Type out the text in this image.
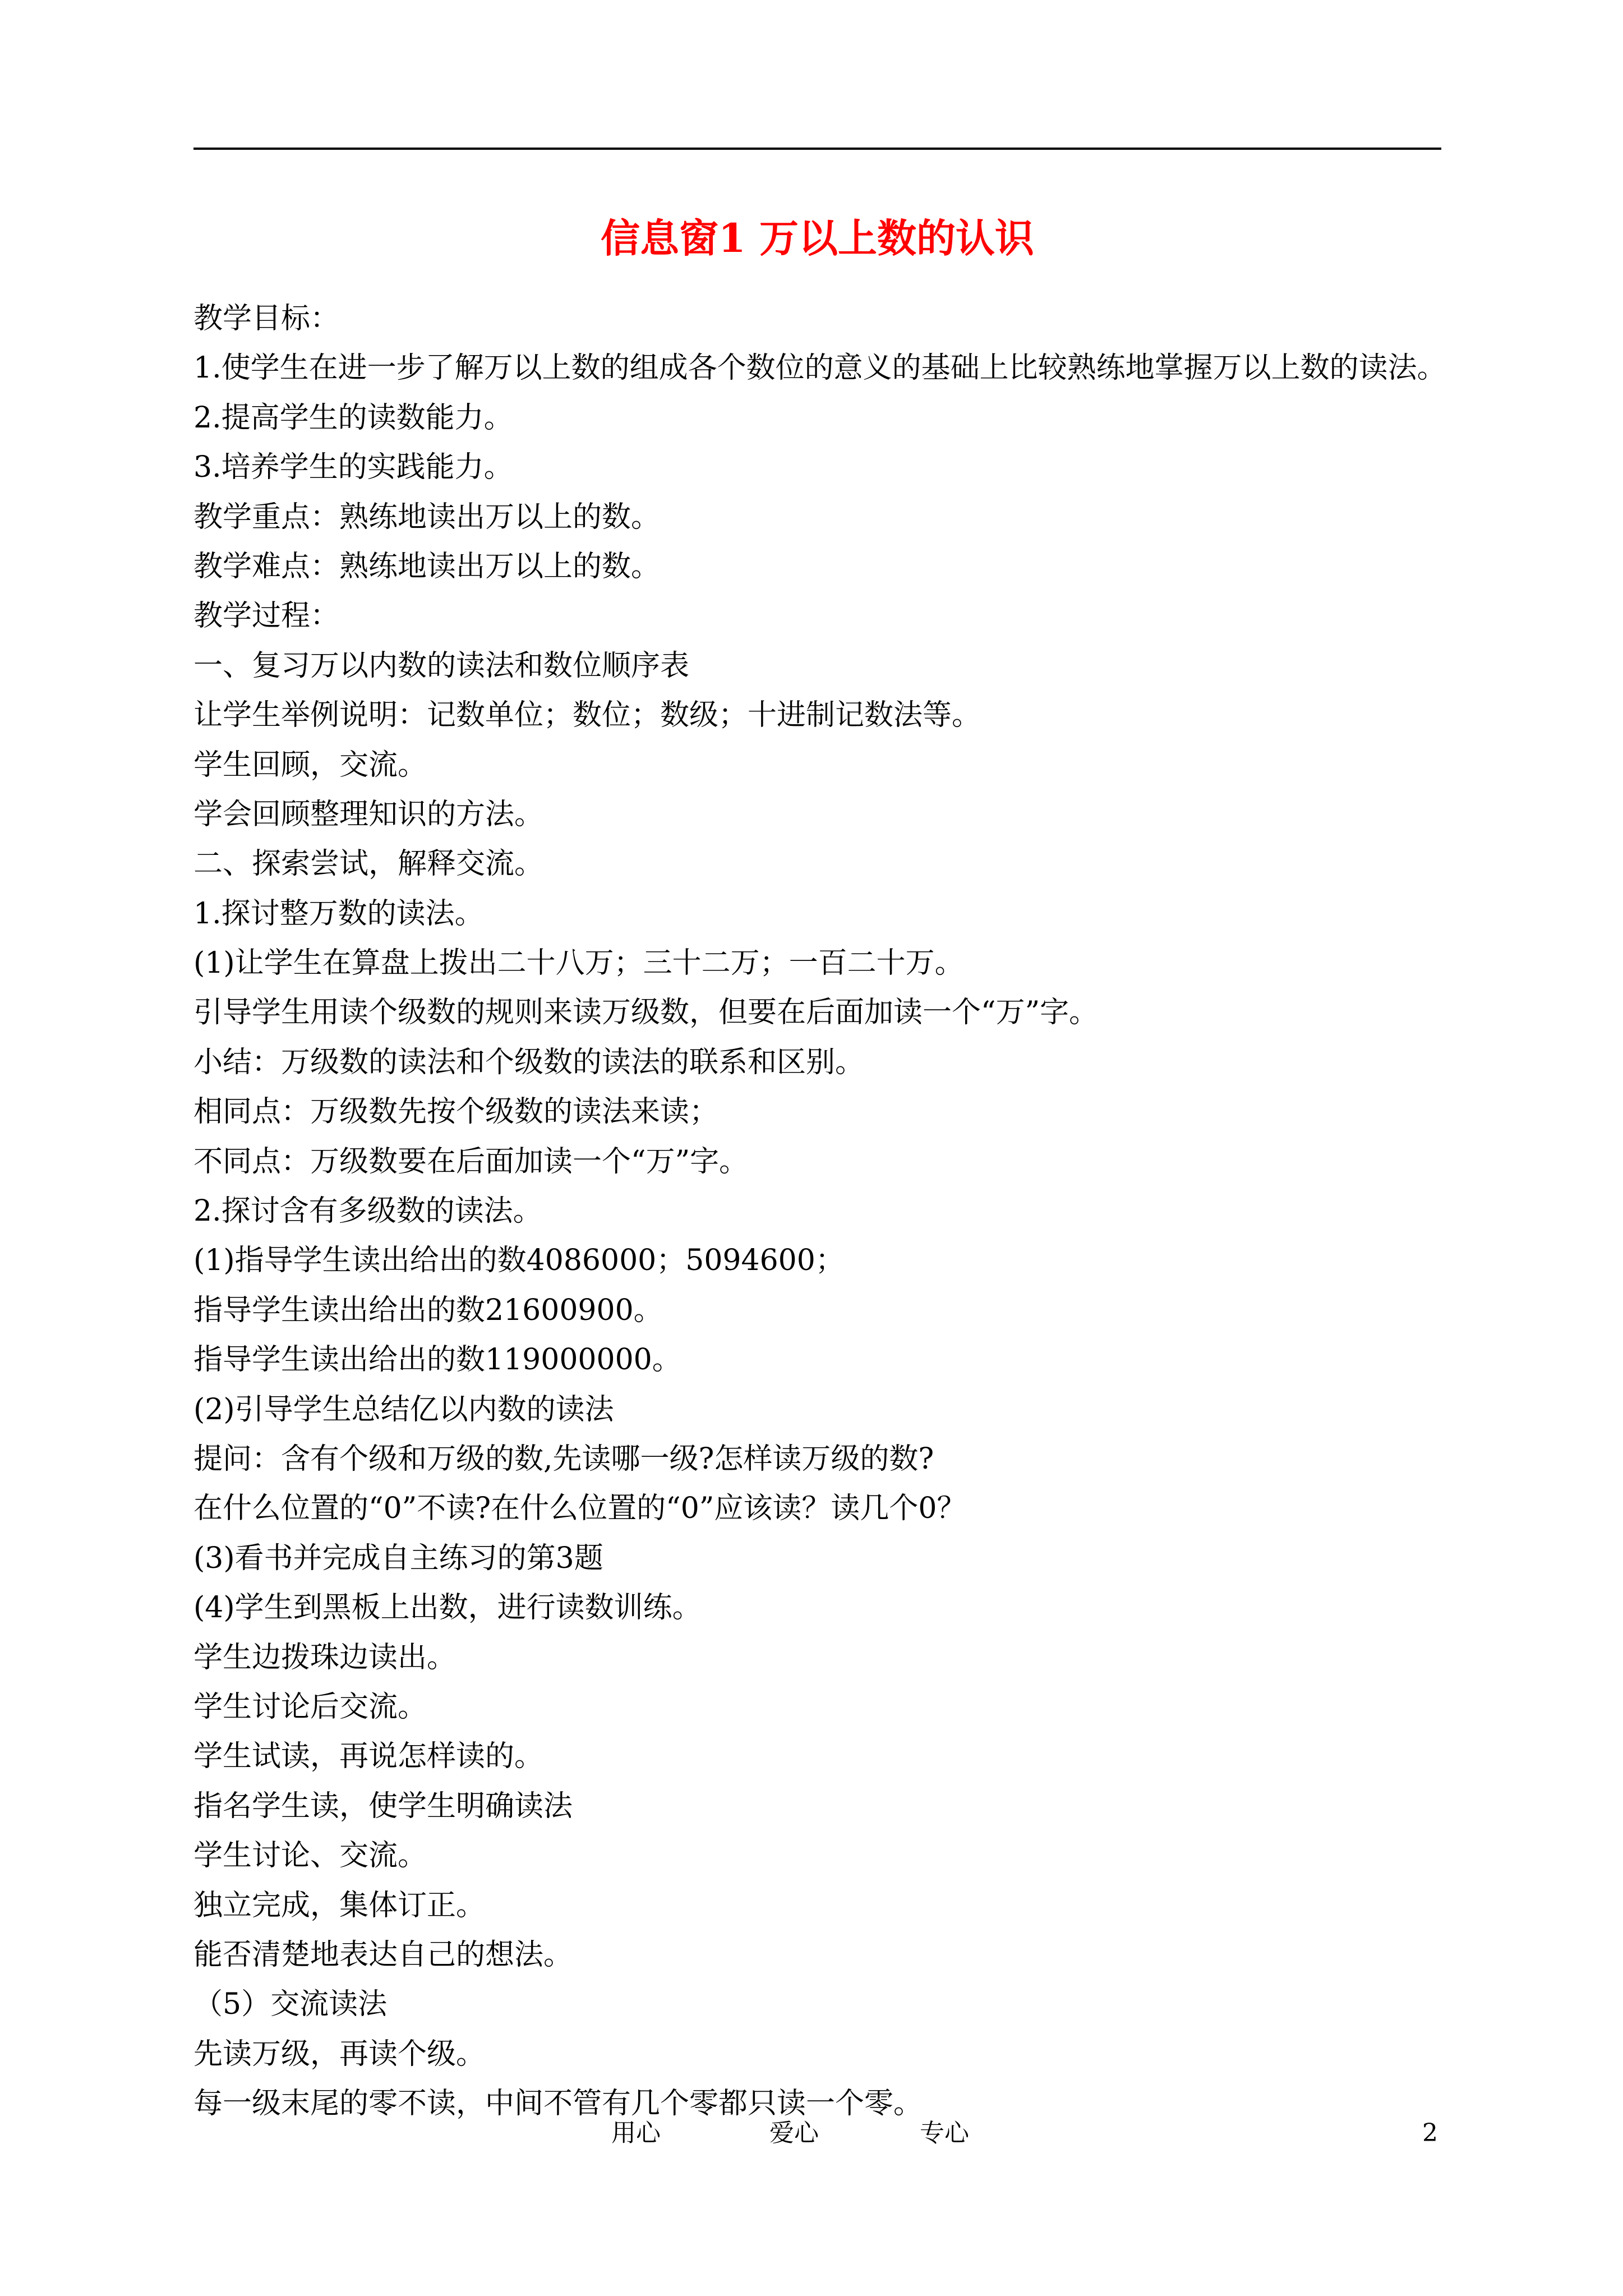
信息窗1 万以上数的认识
教学目标：
1.使学生在进一步了解万以上数的组成各个数位的意义的基础上比较熟练地掌握万以上数的读法。
2.提高学生的读数能力。
3.培养学生的实践能力。
教学重点：熟练地读出万以上的数。
教学难点：熟练地读出万以上的数。
教学过程：
一、复习万以内数的读法和数位顺序表
让学生举例说明：记数单位；数位；数级；十进制记数法等。
学生回顾，交流。
学会回顾整理知识的方法。
二、探索尝试，解释交流。
1.探讨整万数的读法。
(1)让学生在算盘上拨出二十八万；三十二万；一百二十万。
引导学生用读个级数的规则来读万级数，但要在后面加读一个“万”字。
小结：万级数的读法和个级数的读法的联系和区别。
相同点：万级数先按个级数的读法来读；
不同点：万级数要在后面加读一个“万”字。
2.探讨含有多级数的读法。
(1)指导学生读出给出的数4086000；5094600；
指导学生读出给出的数21600900。
指导学生读出给出的数119000000。
(2)引导学生总结亿以内数的读法
提问：含有个级和万级的数,先读哪一级?怎样读万级的数?
在什么位置的“0”不读?在什么位置的“0”应该读？读几个0？
(3)看书并完成自主练习的第3题
(4)学生到黑板上出数，进行读数训练。
学生边拨珠边读出。
学生讨论后交流。
学生试读，再说怎样读的。
指名学生读，使学生明确读法
学生讨论、交流。
独立完成，集体订正。
能否清楚地表达自己的想法。
（5）交流读法
先读万级，再读个级。
每一级末尾的零不读，中间不管有几个零都只读一个零。
用心	爱心	专心	2
